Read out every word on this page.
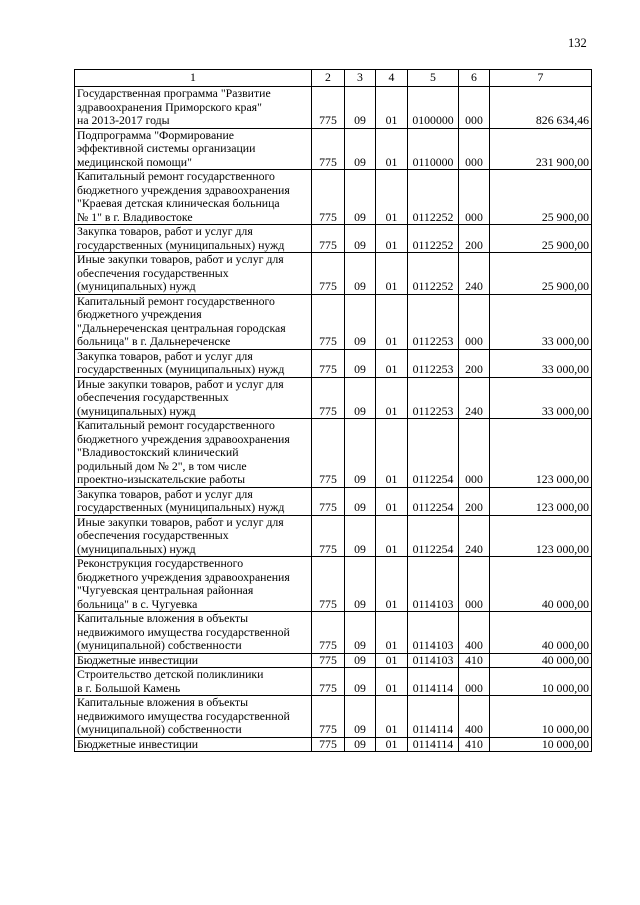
132
1	2	3	4	5	6	7
Государственная программа "Развитие
здравоохранения Приморского края"
на 2013-2017 годы	775	09	01	0100000	000	826 634,46
Подпрограмма "Формирование
эффективной системы организации
медицинской помощи"	775	09	01	0110000	000	231 900,00
Капитальный ремонт государственного
бюджетного учреждения здравоохранения
"Краевая детская клиническая больница
№ 1" в г. Владивостоке	775	09	01	0112252	000	25 900,00
Закупка товаров, работ и услуг для
государственных (муниципальных) нужд	775	09	01	0112252	200	25 900,00
Иные закупки товаров, работ и услуг для
обеспечения государственных
(муниципальных) нужд	775	09	01	0112252	240	25 900,00
Капитальный ремонт государственного
бюджетного учреждения
"Дальнереченская центральная городская
больница" в г. Дальнереченске	775	09	01	0112253	000	33 000,00
Закупка товаров, работ и услуг для
государственных (муниципальных) нужд	775	09	01	0112253	200	33 000,00
Иные закупки товаров, работ и услуг для
обеспечения государственных
(муниципальных) нужд	775	09	01	0112253	240	33 000,00
Капитальный ремонт государственного
бюджетного учреждения здравоохранения
"Владивостокский клинический
родильный дом № 2", в том числе
проектно-изыскательские работы	775	09	01	0112254	000	123 000,00
Закупка товаров, работ и услуг для
государственных (муниципальных) нужд	775	09	01	0112254	200	123 000,00
Иные закупки товаров, работ и услуг для
обеспечения государственных
(муниципальных) нужд	775	09	01	0112254	240	123 000,00
Реконструкция государственного
бюджетного учреждения здравоохранения
"Чугуевская центральная районная
больница" в с. Чугуевка	775	09	01	0114103	000	40 000,00
Капитальные вложения в объекты
недвижимого имущества государственной
(муниципальной) собственности	775	09	01	0114103	400	40 000,00
Бюджетные инвестиции	775	09	01	0114103	410	40 000,00
Строительство детской поликлиники
в г. Большой Камень	775	09	01	0114114	000	10 000,00
Капитальные вложения в объекты
недвижимого имущества государственной
(муниципальной) собственности	775	09	01	0114114	400	10 000,00
Бюджетные инвестиции	775	09	01	0114114	410	10 000,00
